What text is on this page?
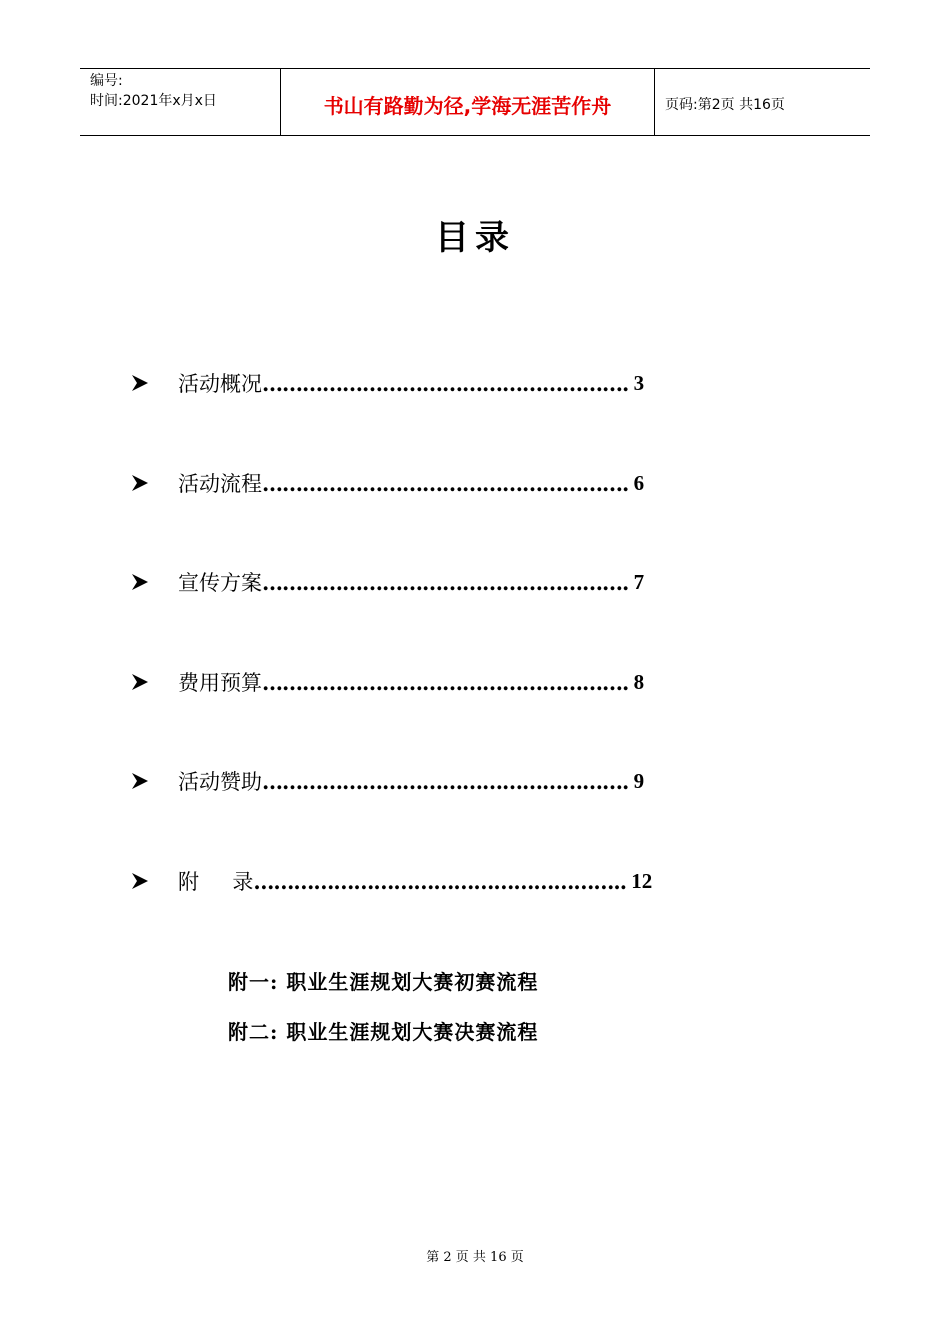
编号:
时间:2021年x月x日	书山有路勤为径,学海无涯苦作舟	页码:第2页 共16页
目录
活动概况 ………………………………………………. 3
活动流程 ………………………………………………. 6
宣传方案 ………………………………………………. 7
费用预算 ………………………………………………. 8
活动赞助 ………………………………………………. 9
附     录 ……………………………………………….. 12
附一: 职业生涯规划大赛初赛流程
附二: 职业生涯规划大赛决赛流程
第 2 页 共 16 页
